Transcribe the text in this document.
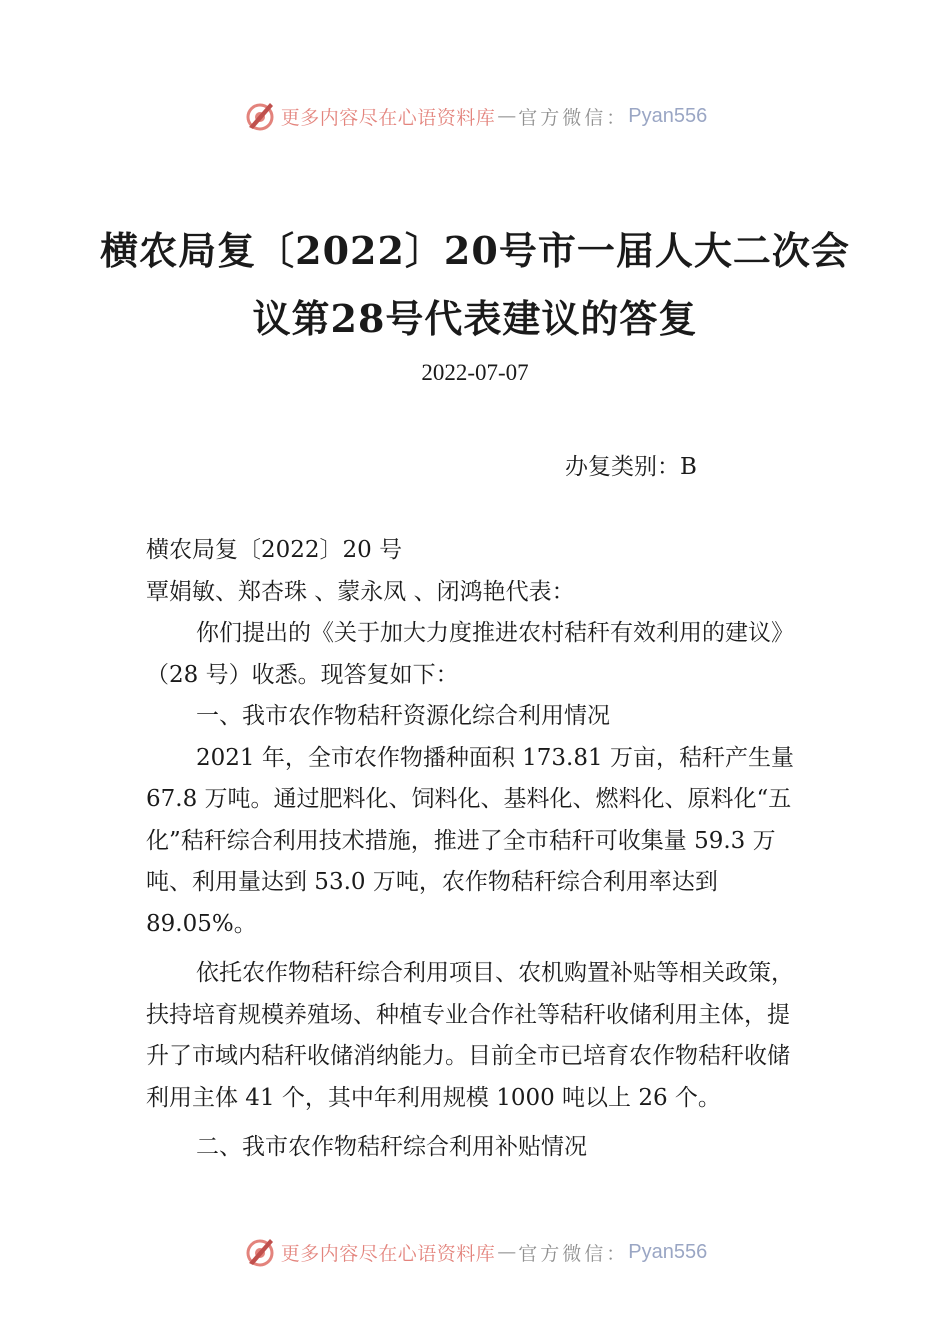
更多内容尽在心语资料库 — 官方微信： Pyan556
横农局复〔2022〕20号市一届人大二次会
议第28号代表建议的答复
2022-07-07
办复类别：B

横农局复〔2022〕20 号

覃娟敏、郑杏珠 、蒙永凤 、闭鸿艳代表：

你们提出的《关于加大力度推进农村秸秆有效利用的建议》（28 号）收悉。现答复如下：

一、我市农作物秸秆资源化综合利用情况

2021 年，全市农作物播种面积 173.81 万亩，秸秆产生量 67.8 万吨。通过肥料化、饲料化、基料化、燃料化、原料化“五化”秸秆综合利用技术措施，推进了全市秸秆可收集量 59.3 万吨、利用量达到 53.0 万吨，农作物秸秆综合利用率达到 89.05%。

依托农作物秸秆综合利用项目、农机购置补贴等相关政策，扶持培育规模养殖场、种植专业合作社等秸秆收储利用主体，提升了市域内秸秆收储消纳能力。目前全市已培育农作物秸秆收储利用主体 41 个，其中年利用规模 1000 吨以上 26 个。

二、我市农作物秸秆综合利用补贴情况

更多内容尽在心语资料库 — 官方微信： Pyan556
